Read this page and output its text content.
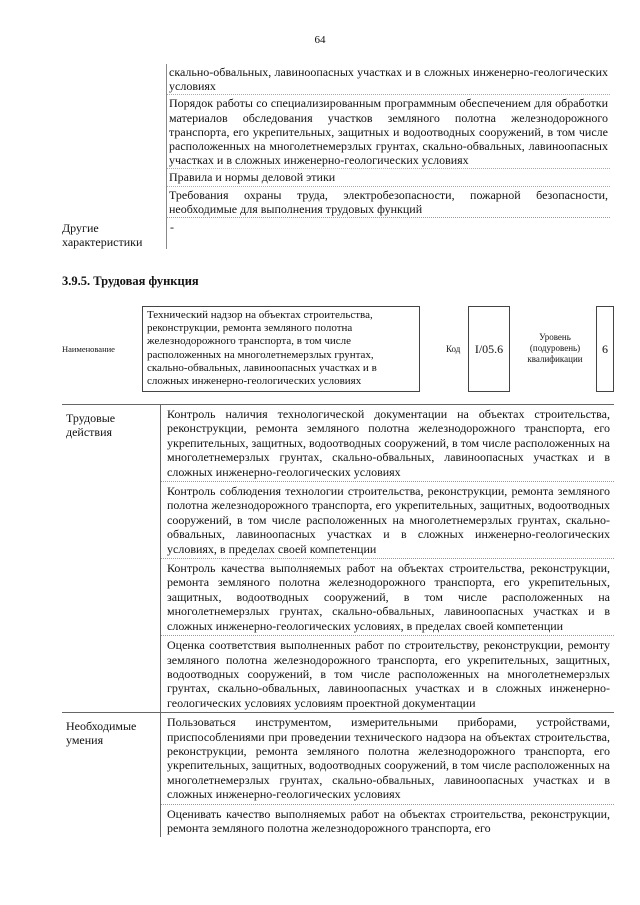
64
скально-обвальных, лавиноопасных участках и в сложных инженерно-геологических условиях
Порядок работы со специализированным программным обеспечением для обработки материалов обследования участков земляного полотна железнодорожного транспорта, его укрепительных, защитных и водоотводных сооружений, в том числе расположенных на многолетнемерзлых грунтах, скально-обвальных, лавиноопасных участках и в сложных инженерно-геологических условиях
Правила и нормы деловой этики
Требования охраны труда, электробезопасности, пожарной безопасности, необходимые для выполнения трудовых функций
Другие характеристики
-
3.9.5. Трудовая функция
Наименование
Технический надзор на объектах строительства, реконструкции, ремонта земляного полотна железнодорожного транспорта, в том числе расположенных на многолетнемерзлых грунтах, скально-обвальных, лавиноопасных участках и в сложных инженерно-геологических условиях
Код	I/05.6
Уровень (подуровень) квалификации
6
Трудовые действия
Контроль наличия технологической документации на объектах строительства, реконструкции, ремонта земляного полотна железнодорожного транспорта, его укрепительных, защитных, водоотводных сооружений, в том числе расположенных на многолетнемерзлых грунтах, скально-обвальных, лавиноопасных участках и в сложных инженерно-геологических условиях
Контроль соблюдения технологии строительства, реконструкции, ремонта земляного полотна железнодорожного транспорта, его укрепительных, защитных, водоотводных сооружений, в том числе расположенных на многолетнемерзлых грунтах, скально-обвальных, лавиноопасных участках и в сложных инженерно-геологических условиях, в пределах своей компетенции
Контроль качества выполняемых работ на объектах строительства, реконструкции, ремонта земляного полотна железнодорожного транспорта, его укрепительных, защитных, водоотводных сооружений, в том числе расположенных на многолетнемерзлых грунтах, скально-обвальных, лавиноопасных участках и в сложных инженерно-геологических условиях, в пределах своей компетенции
Оценка соответствия выполненных работ по строительству, реконструкции, ремонту земляного полотна железнодорожного транспорта, его укрепительных, защитных, водоотводных сооружений, в том числе расположенных на многолетнемерзлых грунтах, скально-обвальных, лавиноопасных участках и в сложных инженерно-геологических условиях условиям проектной документации
Необходимые умения
Пользоваться инструментом, измерительными приборами, устройствами, приспособлениями при проведении технического надзора на объектах строительства, реконструкции, ремонта земляного полотна железнодорожного транспорта, его укрепительных, защитных, водоотводных сооружений, в том числе расположенных на многолетнемерзлых грунтах, скально-обвальных, лавиноопасных участках и в сложных инженерно-геологических условиях
Оценивать качество выполняемых работ на объектах строительства, реконструкции, ремонта земляного полотна железнодорожного транспорта, его
